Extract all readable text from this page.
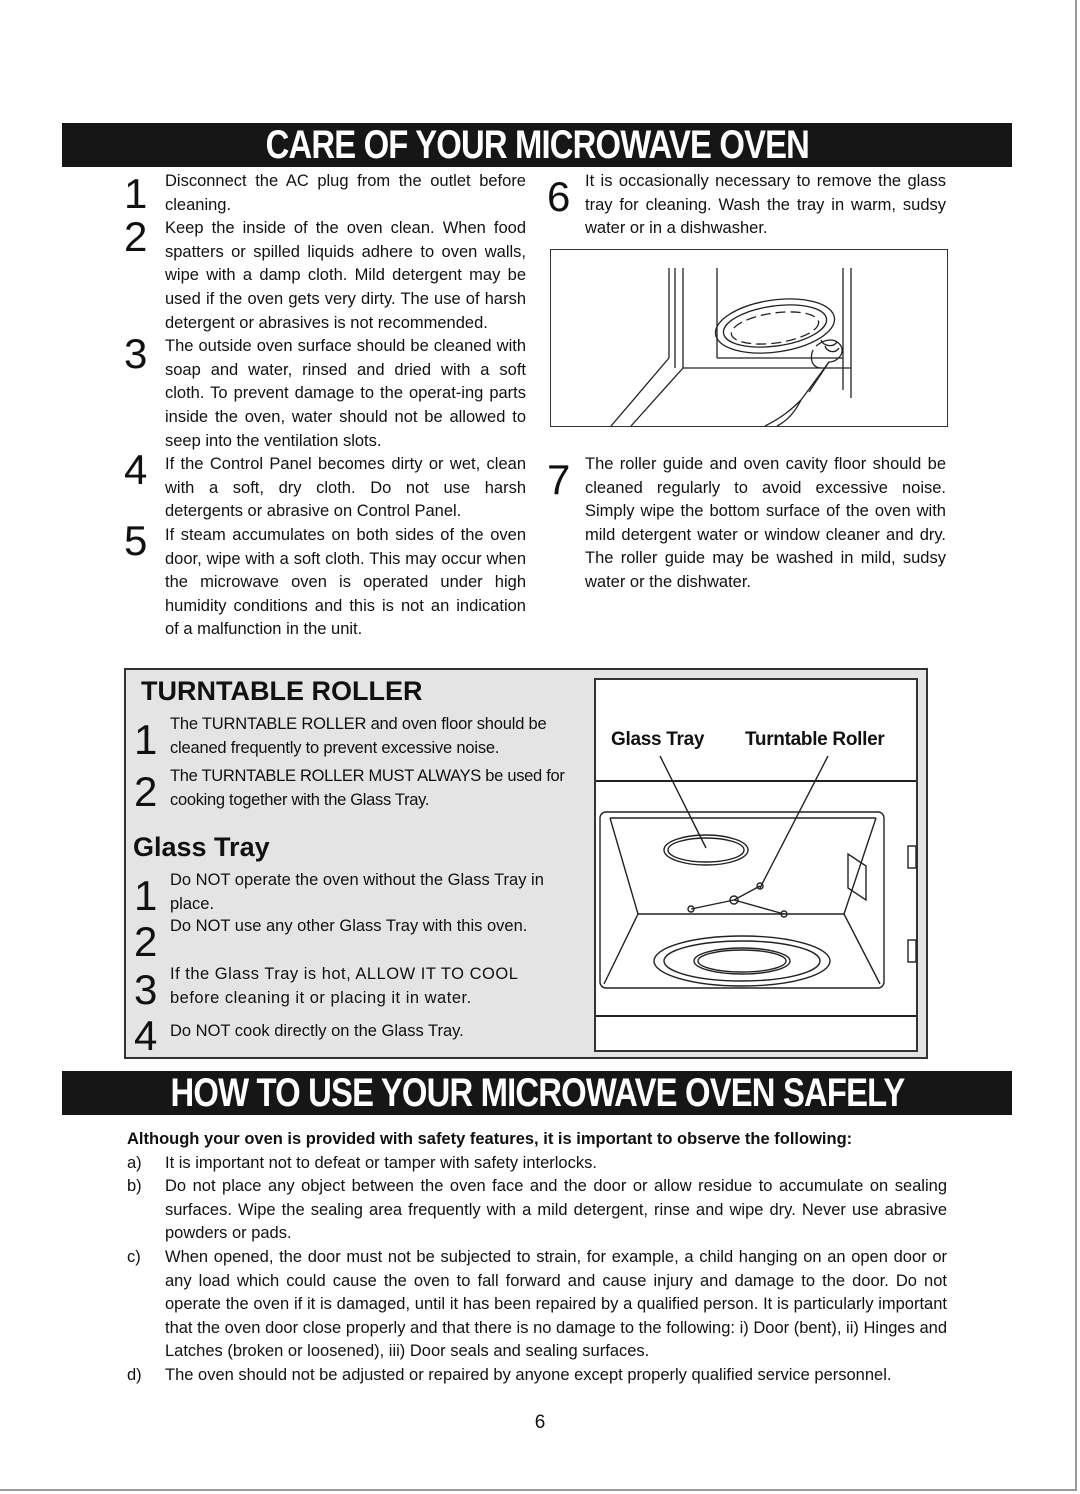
CARE OF YOUR MICROWAVE OVEN
1 Disconnect the AC plug from the outlet before cleaning.
2 Keep the inside of the oven clean. When food spatters or spilled liquids adhere to oven walls, wipe with a damp cloth. Mild detergent may be used if the oven gets very dirty. The use of harsh detergent or abrasives is not recommended.
3 The outside oven surface should be cleaned with soap and water, rinsed and dried with a soft cloth. To prevent damage to the operat-ing parts inside the oven, water should not be allowed to seep into the ventilation slots.
4 If the Control Panel becomes dirty or wet, clean with a soft, dry cloth. Do not use harsh detergents or abrasive on Control Panel.
5 If steam accumulates on both sides of the oven door, wipe with a soft cloth. This may occur when the microwave oven is operated under high humidity conditions and this is not an indication of a malfunction in the unit.
6 It is occasionally necessary to remove the glass tray for cleaning. Wash the tray in warm, sudsy water or in a dishwasher.
7 The roller guide and oven cavity floor should be cleaned regularly to avoid excessive noise. Simply wipe the bottom surface of the oven with mild detergent water or window cleaner and dry. The roller guide may be washed in mild, sudsy water or the dishwater.
TURNTABLE ROLLER
1 The TURNTABLE ROLLER and oven floor should be cleaned frequently to prevent excessive noise.
2 The TURNTABLE ROLLER MUST ALWAYS be used for cooking together with the Glass Tray.
Glass Tray
1 Do NOT operate the oven without the Glass Tray in place.
2 Do NOT use any other Glass Tray with this oven.
3 If the Glass Tray is hot, ALLOW IT TO COOL before cleaning it or placing it in water.
4 Do NOT cook directly on the Glass Tray.
Glass Tray Turntable Roller
HOW TO USE YOUR MICROWAVE OVEN SAFELY
Although your oven is provided with safety features, it is important to observe the following:
a) It is important not to defeat or tamper with safety interlocks.
b) Do not place any object between the oven face and the door or allow residue to accumulate on sealing surfaces. Wipe the sealing area frequently with a mild detergent, rinse and wipe dry. Never use abrasive powders or pads.
c) When opened, the door must not be subjected to strain, for example, a child hanging on an open door or any load which could cause the oven to fall forward and cause injury and damage to the door. Do not operate the oven if it is damaged, until it has been repaired by a qualified person. It is particularly important that the oven door close properly and that there is no damage to the following: i) Door (bent), ii) Hinges and Latches (broken or loosened), iii) Door seals and sealing surfaces.
d) The oven should not be adjusted or repaired by anyone except properly qualified service personnel.
6
